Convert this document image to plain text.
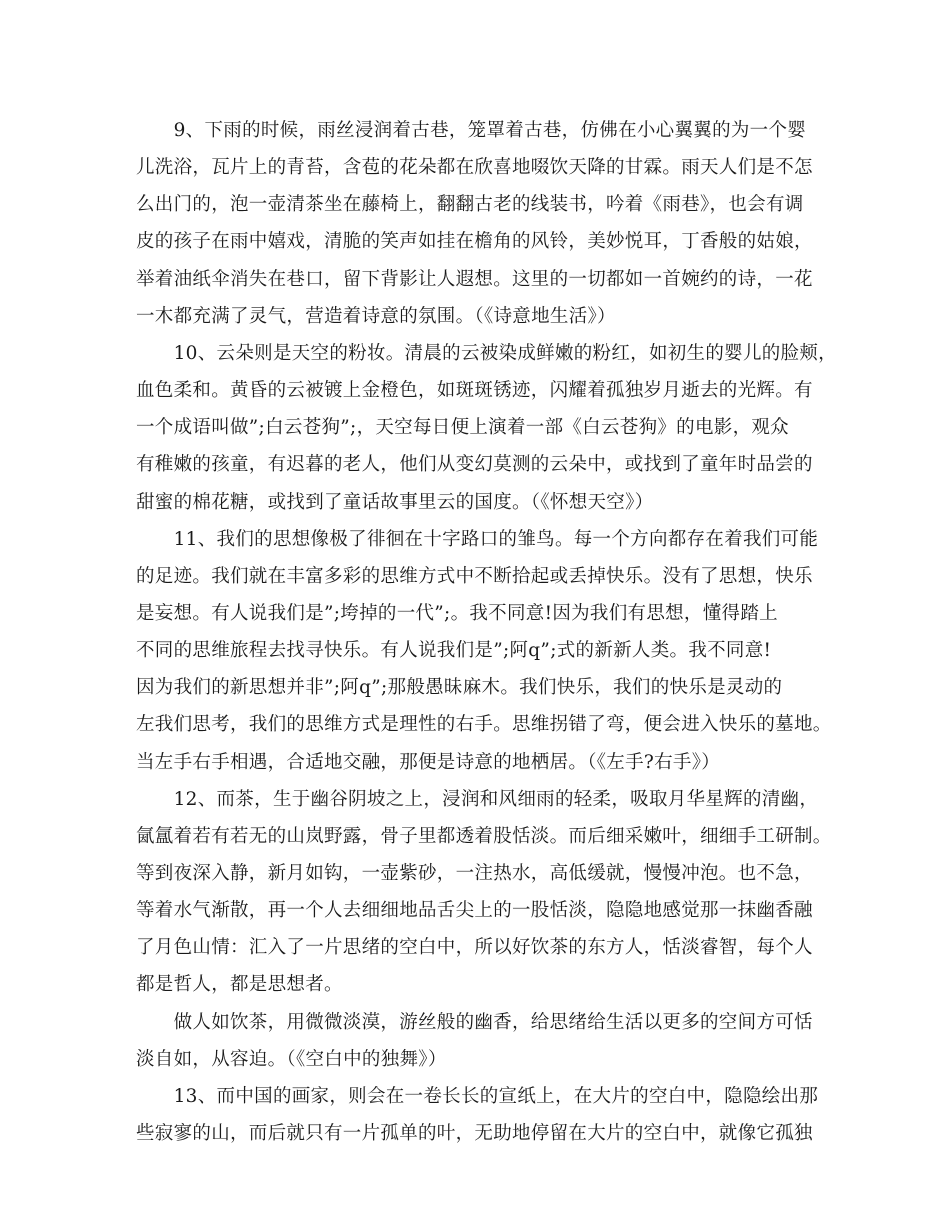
　　9、下雨的时候，雨丝浸润着古巷，笼罩着古巷，仿佛在小心翼翼的为一个婴
儿洗浴，瓦片上的青苔，含苞的花朵都在欣喜地啜饮天降的甘霖。雨天人们是不怎
么出门的，泡一壶清茶坐在藤椅上，翻翻古老的线装书，吟着《雨巷》，也会有调
皮的孩子在雨中嬉戏，清脆的笑声如挂在檐角的风铃，美妙悦耳，丁香般的姑娘，
举着油纸伞消失在巷口，留下背影让人遐想。这里的一切都如一首婉约的诗，一花
一木都充满了灵气，营造着诗意的氛围。（《诗意地生活》）
　　10、云朵则是天空的粉妆。清晨的云被染成鲜嫩的粉红，如初生的婴儿的脸颊，
血色柔和。黄昏的云被镀上金橙色，如斑斑锈迹，闪耀着孤独岁月逝去的光辉。有
一个成语叫做”;白云苍狗”;，天空每日便上演着一部《白云苍狗》的电影，观众
有稚嫩的孩童，有迟暮的老人，他们从变幻莫测的云朵中，或找到了童年时品尝的
甜蜜的棉花糖，或找到了童话故事里云的国度。（《怀想天空》）
　　11、我们的思想像极了徘徊在十字路口的雏鸟。每一个方向都存在着我们可能
的足迹。我们就在丰富多彩的思维方式中不断拾起或丢掉快乐。没有了思想，快乐
是妄想。有人说我们是”;垮掉的一代”;。我不同意!因为我们有思想，懂得踏上
不同的思维旅程去找寻快乐。有人说我们是”;阿q”;式的新新人类。我不同意!
因为我们的新思想并非”;阿q”;那般愚昧麻木。我们快乐，我们的快乐是灵动的
左我们思考，我们的思维方式是理性的右手。思维拐错了弯，便会进入快乐的墓地。
当左手右手相遇，合适地交融，那便是诗意的地栖居。（《左手?右手》）
　　12、而茶，生于幽谷阴坡之上，浸润和风细雨的轻柔，吸取月华星辉的清幽，
氤氲着若有若无的山岚野露，骨子里都透着股恬淡。而后细采嫩叶，细细手工研制。
等到夜深入静，新月如钩，一壶紫砂，一注热水，高低缓就，慢慢冲泡。也不急，
等着水气渐散，再一个人去细细地品舌尖上的一股恬淡，隐隐地感觉那一抹幽香融
了月色山情：汇入了一片思绪的空白中，所以好饮茶的东方人，恬淡睿智，每个人
都是哲人，都是思想者。
　　做人如饮茶，用微微淡漠，游丝般的幽香，给思绪给生活以更多的空间方可恬
淡自如，从容迫。（《空白中的独舞》）
　　13、而中国的画家，则会在一卷长长的宣纸上，在大片的空白中，隐隐绘出那
些寂寥的山，而后就只有一片孤单的叶，无助地停留在大片的空白中，就像它孤独
